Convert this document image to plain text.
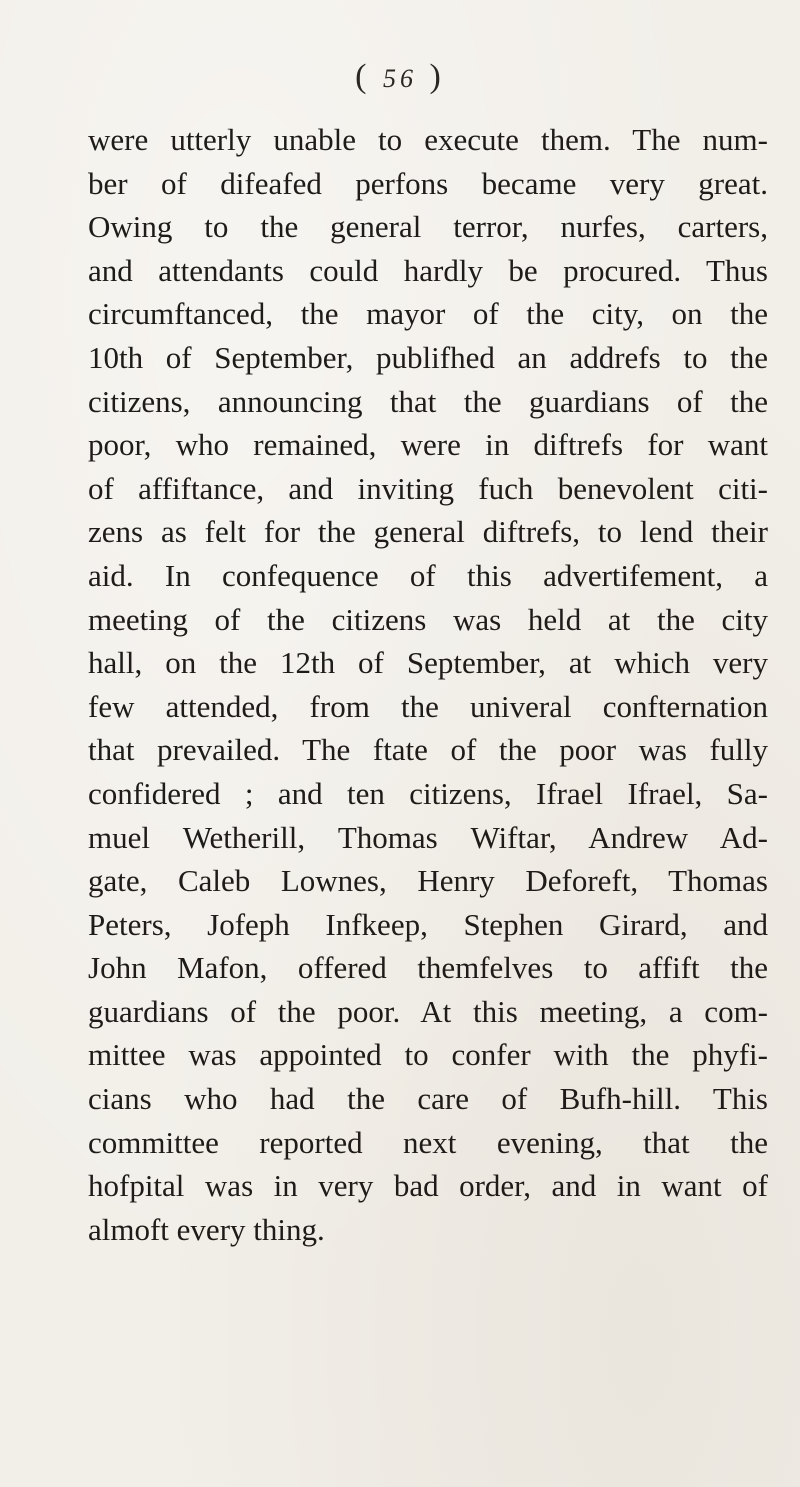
( 56 )
were utterly unable to execute them. The num-
ber of difeafed perfons became very great.
Owing to the general terror, nurfes, carters,
and attendants could hardly be procured. Thus
circumftanced, the mayor of the city, on the
10th of September, publifhed an addrefs to the
citizens, announcing that the guardians of the
poor, who remained, were in diftrefs for want
of affiftance, and inviting fuch benevolent citi-
zens as felt for the general diftrefs, to lend their
aid. In confequence of this advertifement, a
meeting of the citizens was held at the city
hall, on the 12th of September, at which very
few attended, from the univeral confternation
that prevailed. The ftate of the poor was fully
confidered ; and ten citizens, Ifrael Ifrael, Sa-
muel Wetherill, Thomas Wiftar, Andrew Ad-
gate, Caleb Lownes, Henry Deforeft, Thomas
Peters, Jofeph Infkeep, Stephen Girard, and
John Mafon, offered themfelves to affift the
guardians of the poor. At this meeting, a com-
mittee was appointed to confer with the phyfi-
cians who had the care of Bufh-hill. This
committee reported next evening, that the
hofpital was in very bad order, and in want of
almoft every thing.
